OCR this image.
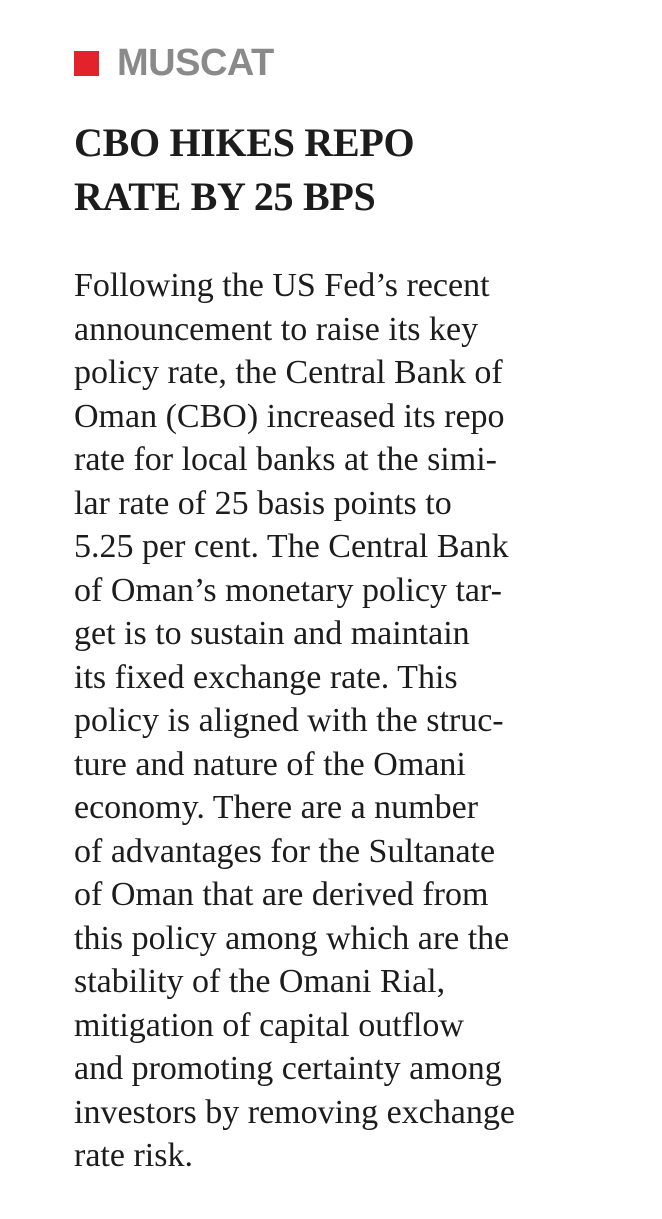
MUSCAT
CBO HIKES REPO
RATE BY 25 BPS
Following the US Fed’s recent
announcement to raise its key
policy rate, the Central Bank of
Oman (CBO) increased its repo
rate for local banks at the simi-
lar rate of 25 basis points to
5.25 per cent. The Central Bank
of Oman’s monetary policy tar-
get is to sustain and maintain
its fixed exchange rate. This
policy is aligned with the struc-
ture and nature of the Omani
economy. There are a number
of advantages for the Sultanate
of Oman that are derived from
this policy among which are the
stability of the Omani Rial,
mitigation of capital outflow
and promoting certainty among
investors by removing exchange
rate risk.
